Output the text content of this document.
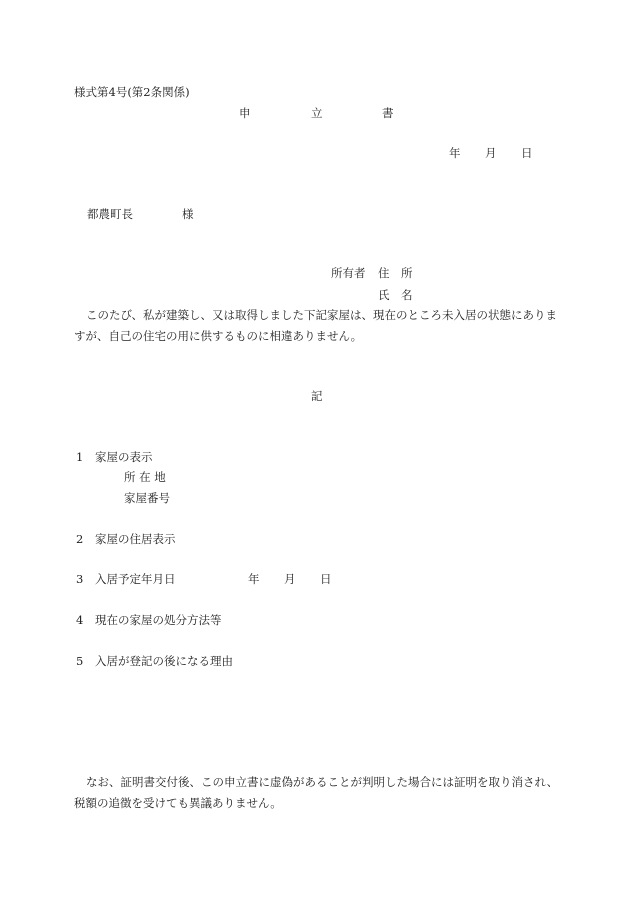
様式第4号(第2条関係)
申	立	書
年 月 日
都農町長	様
所有者 住　所
氏　名
このたび、私が建築し、又は取得しました下記家屋は、現在のところ未入居の状態にありますが、自己の住宅の用に供するものに相違ありません。
記
1 家屋の表示
所 在 地
家屋番号
2 家屋の住居表示
3 入居予定年月日	年 月 日
4 現在の家屋の処分方法等
5 入居が登記の後になる理由
なお、証明書交付後、この申立書に虚偽があることが判明した場合には証明を取り消され、税額の追徴を受けても異議ありません。
